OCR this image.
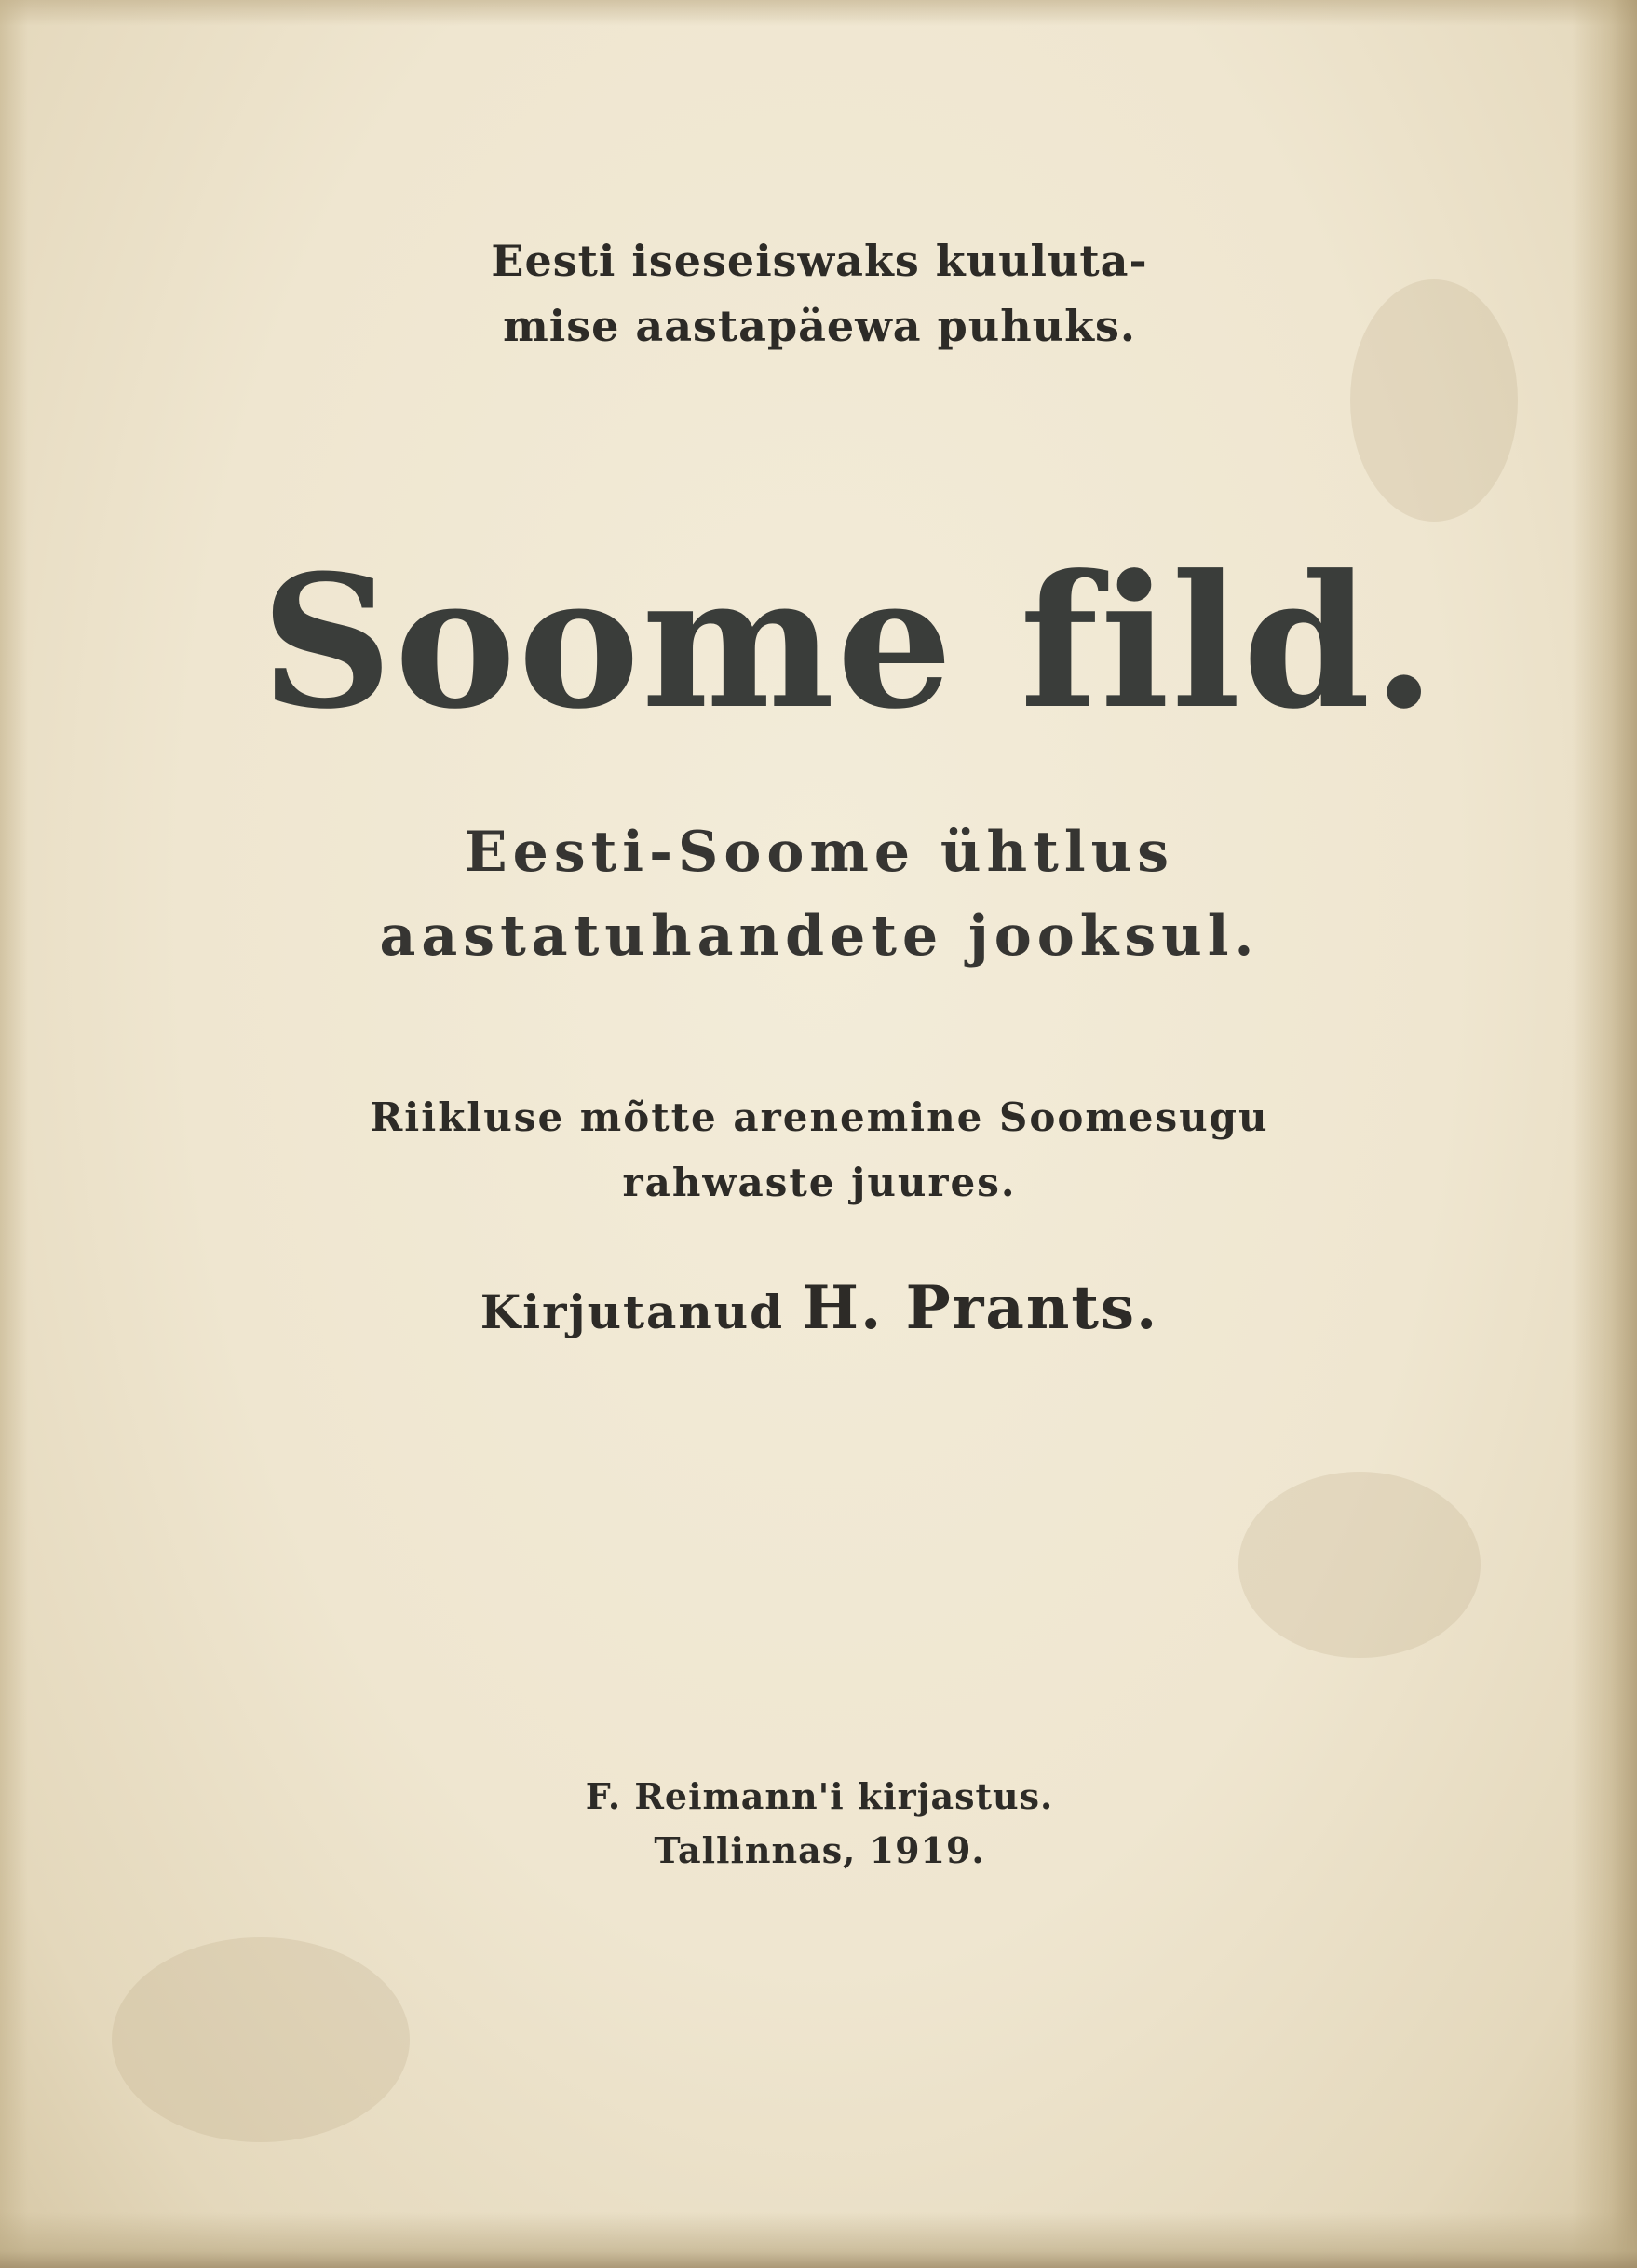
Eesti iseseiswaks kuuluta-
mise aastapäewa puhuks.
Soome fild.
Eesti-Soome ühtlus
aastatuhandete jooksul.
Riikluse mõtte arenemine Soomesugu
rahwaste juures.
Kirjutanud H. Prants.
F. Reimann'i kirjastus.
Tallinnas, 1919.
